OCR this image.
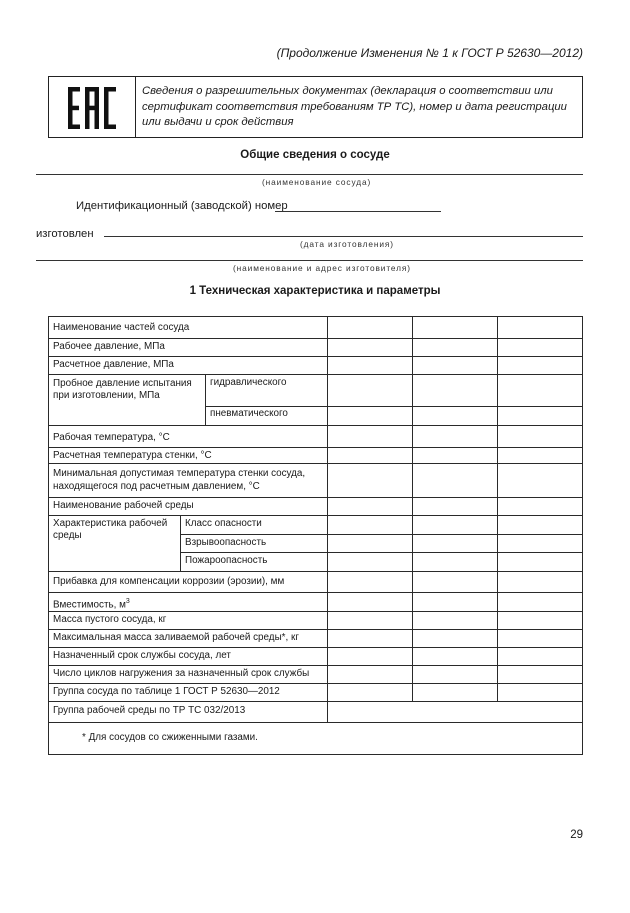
(Продолжение Изменения № 1 к ГОСТ Р 52630—2012)
Сведения о разрешительных документах (декларация о соответствии или сертификат соответствия требованиям ТР ТС), номер и дата регистрации или выдачи и срок действия
Общие сведения о сосуде
(наименование сосуда)
Идентификационный (заводской) номер
изготовлен
(дата изготовления)
(наименование и адрес изготовителя)
1 Техническая характеристика и параметры
Наименование частей сосуда
Рабочее давление, МПа
Расчетное давление, МПа
Пробное давление испытания
при изготовлении, МПа
гидравлического
пневматического
Рабочая температура, °С
Расчетная температура стенки, °С
Минимальная допустимая температура стенки сосуда,
находящегося под расчетным давлением, °С
Наименование рабочей среды
Характеристика рабочей
среды
Класс опасности
Взрывоопасность
Пожароопасность
Прибавка для компенсации коррозии (эрозии), мм
Вместимость, $м^3$
Масса пустого сосуда, кг
Максимальная масса заливаемой рабочей среды*, кг
Назначенный срок службы сосуда, лет
Число циклов нагружения за назначенный срок службы
Группа сосуда по таблице 1 ГОСТ Р 52630—2012
Группа рабочей среды по ТР ТС 032/2013
* Для сосудов со сжиженными газами.
29
